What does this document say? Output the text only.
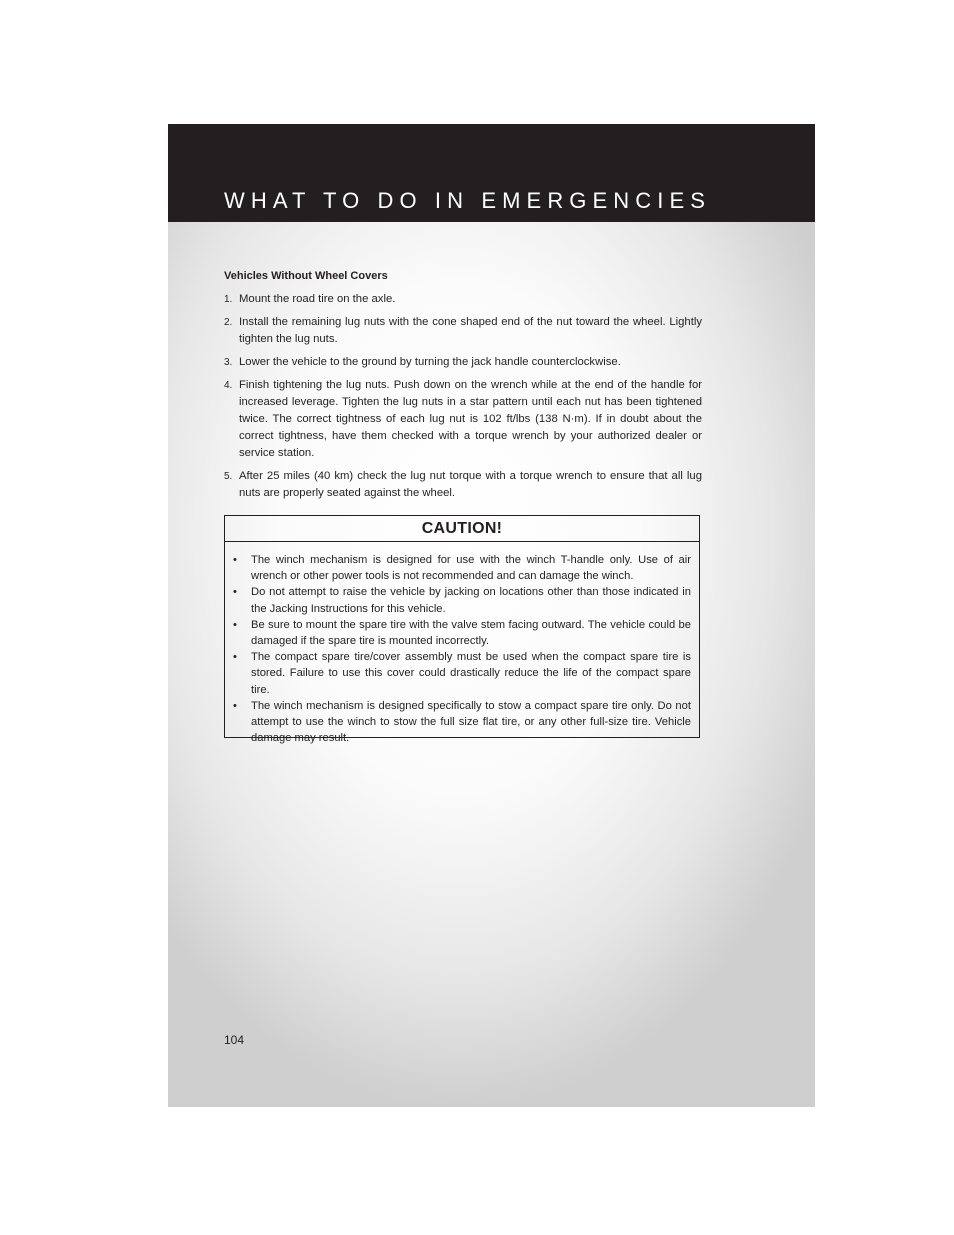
WHAT TO DO IN EMERGENCIES

Vehicles Without Wheel Covers

1. Mount the road tire on the axle.
2. Install the remaining lug nuts with the cone shaped end of the nut toward the wheel. Lightly tighten the lug nuts.
3. Lower the vehicle to the ground by turning the jack handle counterclockwise.
4. Finish tightening the lug nuts. Push down on the wrench while at the end of the handle for increased leverage. Tighten the lug nuts in a star pattern until each nut has been tightened twice. The correct tightness of each lug nut is 102 ft/lbs (138 N·m). If in doubt about the correct tightness, have them checked with a torque wrench by your authorized dealer or service station.
5. After 25 miles (40 km) check the lug nut torque with a torque wrench to ensure that all lug nuts are properly seated against the wheel.
CAUTION!
• The winch mechanism is designed for use with the winch T-handle only. Use of air wrench or other power tools is not recommended and can damage the winch.
• Do not attempt to raise the vehicle by jacking on locations other than those indicated in the Jacking Instructions for this vehicle.
• Be sure to mount the spare tire with the valve stem facing outward. The vehicle could be damaged if the spare tire is mounted incorrectly.
• The compact spare tire/cover assembly must be used when the compact spare tire is stored. Failure to use this cover could drastically reduce the life of the compact spare tire.
• The winch mechanism is designed specifically to stow a compact spare tire only. Do not attempt to use the winch to stow the full size flat tire, or any other full-size tire. Vehicle damage may result.
104
